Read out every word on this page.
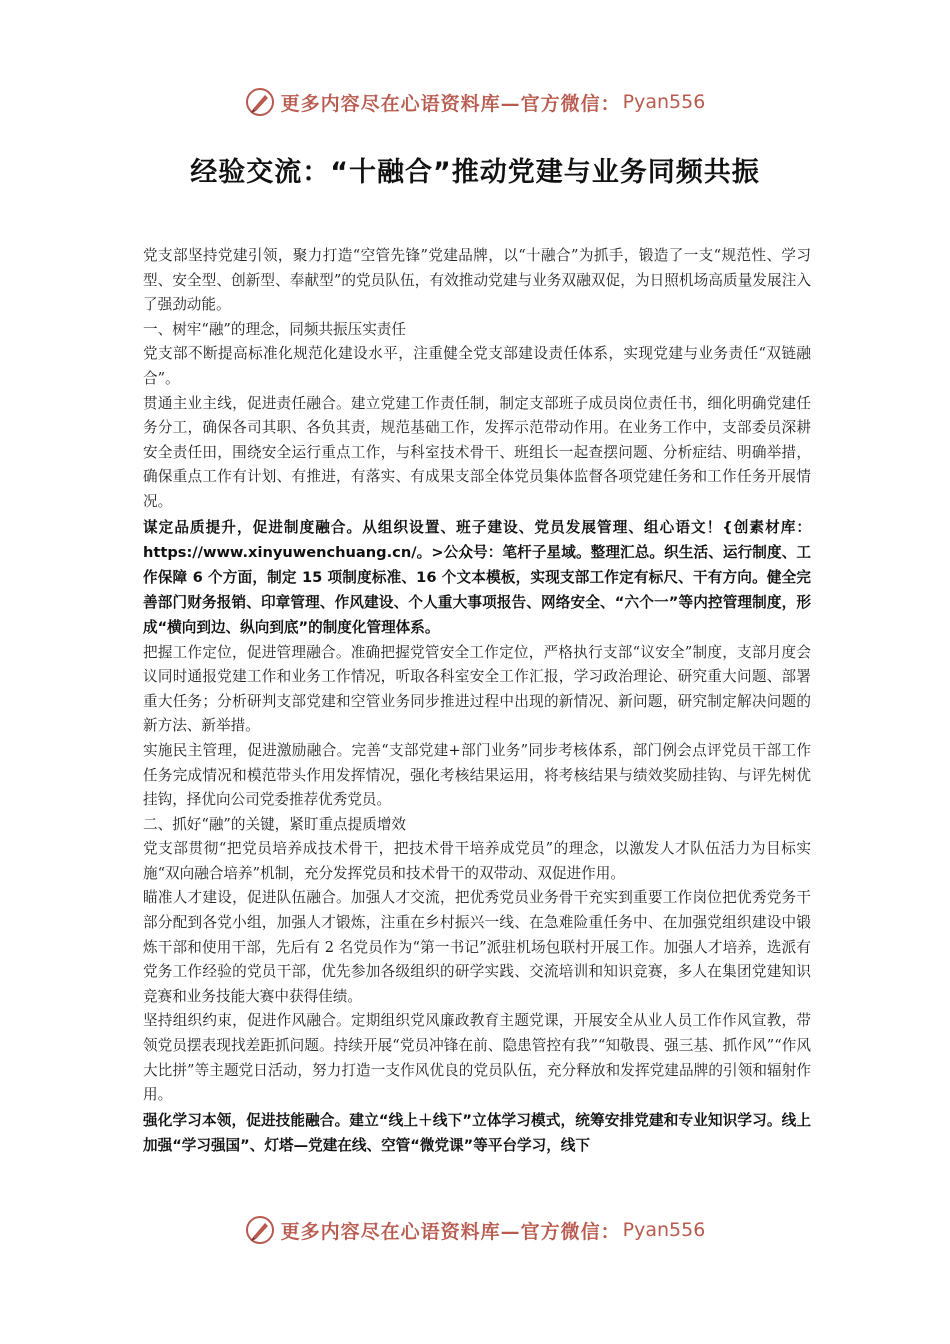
更多内容尽在心语资料库—官方微信： Pyan556
经验交流：“十融合”推动党建与业务同频共振

党支部坚持党建引领，聚力打造“空管先锋”党建品牌，以“十融合”为抓手，锻造了一支“规范性、学习型、安全型、创新型、奉献型”的党员队伍，有效推动党建与业务双融双促，为日照机场高质量发展注入了强劲动能。

一、树牢“融”的理念，同频共振压实责任

党支部不断提高标准化规范化建设水平，注重健全党支部建设责任体系，实现党建与业务责任“双链融合”。

贯通主业主线，促进责任融合。建立党建工作责任制，制定支部班子成员岗位责任书，细化明确党建任务分工，确保各司其职、各负其责，规范基础工作，发挥示范带动作用。在业务工作中，支部委员深耕安全责任田，围绕安全运行重点工作，与科室技术骨干、班组长一起查摆问题、分析症结、明确举措，确保重点工作有计划、有推进，有落实、有成果支部全体党员集体监督各项党建任务和工作任务开展情况。

谋定品质提升，促进制度融合。从组织设置、班子建设、党员发展管理、组心语文！{创素材库：https://www.xinyuwenchuang.cn/。>公众号：笔杆子星域。整理汇总。织生活、运行制度、工作保障 6 个方面，制定 15 项制度标准、16 个文本模板，实现支部工作定有标尺、干有方向。健全完善部门财务报销、印章管理、作风建设、个人重大事项报告、网络安全、“六个一”等内控管理制度，形成“横向到边、纵向到底”的制度化管理体系。

把握工作定位，促进管理融合。准确把握党管安全工作定位，严格执行支部“议安全”制度，支部月度会议同时通报党建工作和业务工作情况，听取各科室安全工作汇报，学习政治理论、研究重大问题、部署重大任务；分析研判支部党建和空管业务同步推进过程中出现的新情况、新问题，研究制定解决问题的新方法、新举措。

实施民主管理，促进激励融合。完善“支部党建+部门业务”同步考核体系，部门例会点评党员干部工作任务完成情况和模范带头作用发挥情况，强化考核结果运用，将考核结果与绩效奖励挂钩、与评先树优挂钩，择优向公司党委推荐优秀党员。

二、抓好“融”的关键，紧盯重点提质增效

党支部贯彻“把党员培养成技术骨干，把技术骨干培养成党员”的理念，以激发人才队伍活力为目标实施“双向融合培养”机制，充分发挥党员和技术骨干的双带动、双促进作用。

瞄准人才建设，促进队伍融合。加强人才交流，把优秀党员业务骨干充实到重要工作岗位把优秀党务干部分配到各党小组，加强人才锻炼，注重在乡村振兴一线、在急难险重任务中、在加强党组织建设中锻炼干部和使用干部，先后有 2 名党员作为“第一书记”派驻机场包联村开展工作。加强人才培养，选派有党务工作经验的党员干部，优先参加各级组织的研学实践、交流培训和知识竞赛，多人在集团党建知识竞赛和业务技能大赛中获得佳绩。

坚持组织约束，促进作风融合。定期组织党风廉政教育主题党课，开展安全从业人员工作作风宣教，带领党员摆表现找差距抓问题。持续开展“党员冲锋在前、隐患管控有我”“知敬畏、强三基、抓作风”“作风大比拼”等主题党日活动，努力打造一支作风优良的党员队伍，充分释放和发挥党建品牌的引领和辐射作用。

强化学习本领，促进技能融合。建立“线上＋线下”立体学习模式，统筹安排党建和专业知识学习。线上加强“学习强国”、灯塔—党建在线、空管“微党课”等平台学习，线下

更多内容尽在心语资料库—官方微信： Pyan556
